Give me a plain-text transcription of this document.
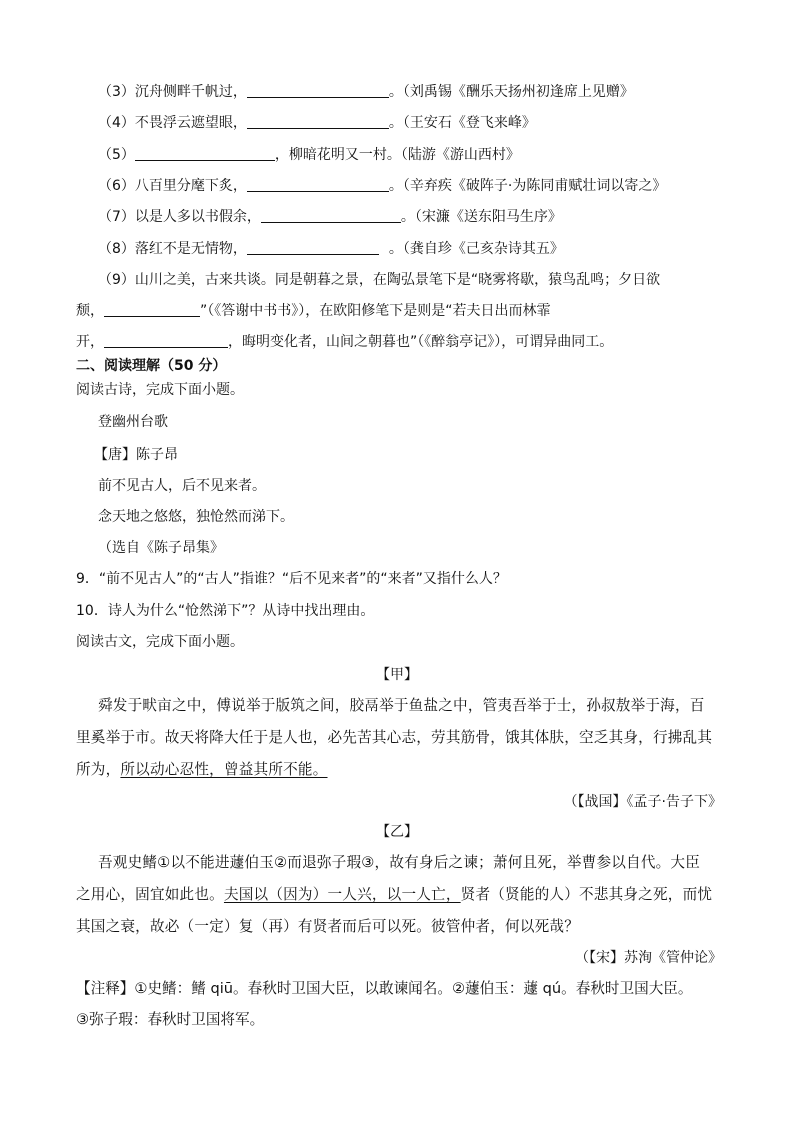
（3）沉舟侧畔千帆过，	。（刘禹锡《酬乐天扬州初逢席上见赠》
（4）不畏浮云遮望眼，	。（王安石《登飞来峰》
（5）	，柳暗花明又一村。（陆游《游山西村》
（6）八百里分麾下炙，	。（辛弃疾《破阵子·为陈同甫赋壮词以寄之》
（7）以是人多以书假余，	。（宋濂《送东阳马生序》
（8）落红不是无情物，	。（龚自珍《己亥杂诗其五》
（9）山川之美，古来共谈。同是朝暮之景，在陶弘景笔下是“晓雾将歇，猿鸟乱鸣；夕日欲
颓，	”（《答谢中书书》），在欧阳修笔下是则是“若夫日出而林霏
开，	，晦明变化者，山间之朝暮也”（《醉翁亭记》），可谓异曲同工。
二、阅读理解（50 分）
阅读古诗，完成下面小题。
登幽州台歌
【唐】陈子昂
前不见古人，后不见来者。
念天地之悠悠，独怆然而涕下。
（选自《陈子昂集》
9．“前不见古人”的“古人”指谁？“后不见来者”的“来者”又指什么人？
10．诗人为什么“怆然涕下”？从诗中找出理由。
阅读古文，完成下面小题。
【甲】
舜发于畎亩之中，傅说举于版筑之间，胶鬲举于鱼盐之中，管夷吾举于士，孙叔敖举于海，百
里奚举于市。故天将降大任于是人也，必先苦其心志，劳其筋骨，饿其体肤，空乏其身，行拂乱其
所为，所以动心忍性，曾益其所不能。
（【战国】《孟子·告子下》
【乙】
吾观史鳍①以不能进蘧伯玉②而退弥子瑕③，故有身后之谏；萧何且死，举曹参以自代。大臣
之用心，固宜如此也。夫国以（因为）一人兴，以一人亡，贤者（贤能的人）不悲其身之死，而忧
其国之衰，故必（一定）复（再）有贤者而后可以死。彼管仲者，何以死哉？
（【宋】苏洵《管仲论》
【注释】①史鳍：鳍 qiū。春秋时卫国大臣，以敢谏闻名。②蘧伯玉：蘧 qú。春秋时卫国大臣。
③弥子瑕：春秋时卫国将军。
